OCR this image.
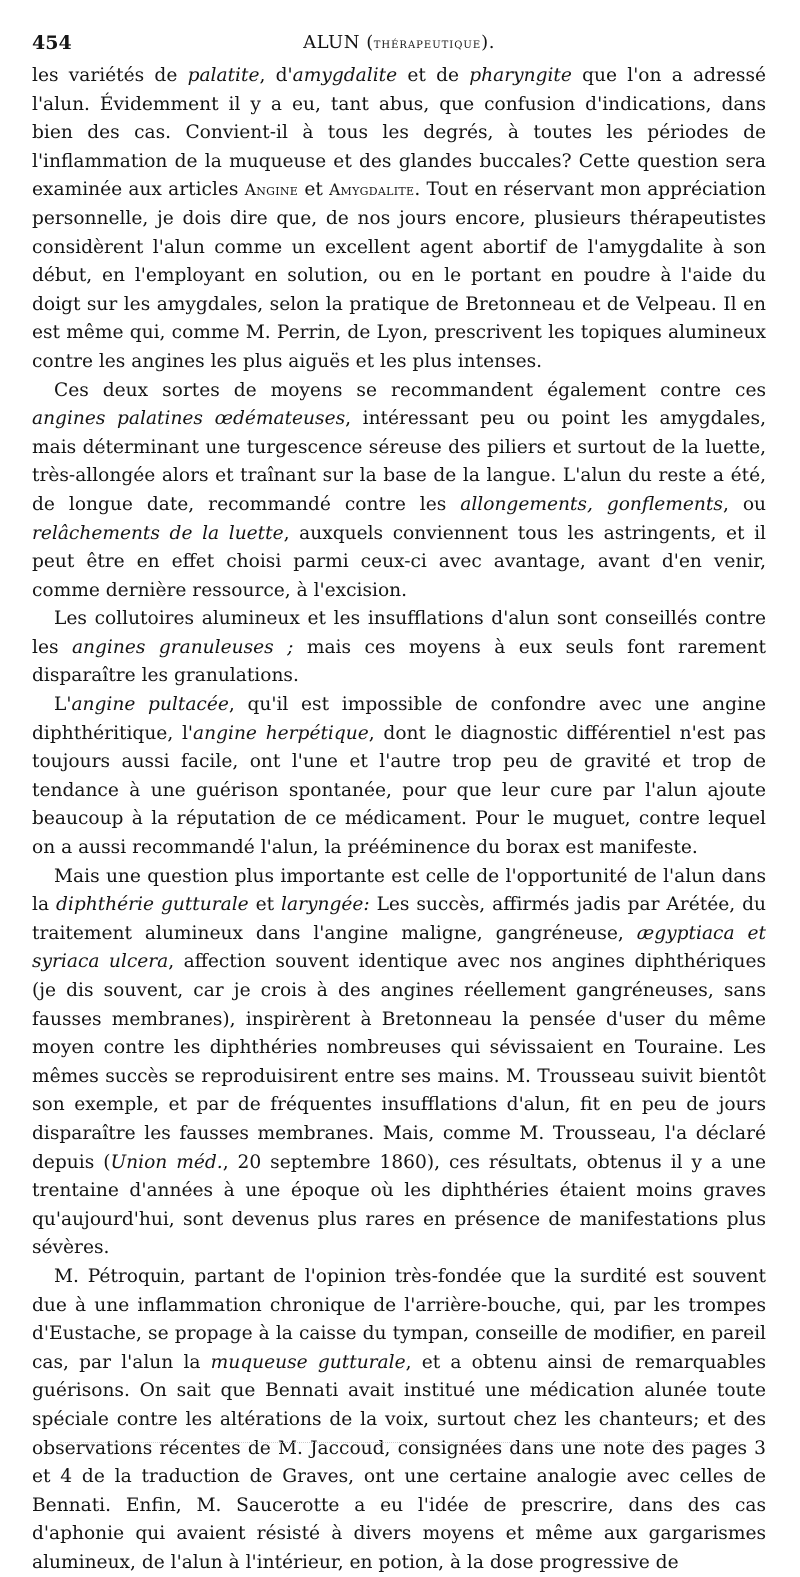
454	ALUN (thérapeutique).

les variétés de palatite, d'amygdalite et de pharyngite que l'on a adressé l'alun. Évidemment il y a eu, tant abus, que confusion d'indications, dans bien des cas. Convient-il à tous les degrés, à toutes les périodes de l'inflammation de la muqueuse et des glandes buccales? Cette question sera examinée aux articles Angine et Amygdalite. Tout en réservant mon appréciation personnelle, je dois dire que, de nos jours encore, plusieurs thérapeutistes considèrent l'alun comme un excellent agent abortif de l'amygdalite à son début, en l'employant en solution, ou en le portant en poudre à l'aide du doigt sur les amygdales, selon la pratique de Bretonneau et de Velpeau. Il en est même qui, comme M. Perrin, de Lyon, prescrivent les topiques alumineux contre les angines les plus aiguës et les plus intenses.

Ces deux sortes de moyens se recommandent également contre ces angines palatines œdémateuses, intéressant peu ou point les amygdales, mais déterminant une turgescence séreuse des piliers et surtout de la luette, très-allongée alors et traînant sur la base de la langue. L'alun du reste a été, de longue date, recommandé contre les allongements, gonflements, ou relâchements de la luette, auxquels conviennent tous les astringents, et il peut être en effet choisi parmi ceux-ci avec avantage, avant d'en venir, comme dernière ressource, à l'excision.

Les collutoires alumineux et les insufflations d'alun sont conseillés contre les angines granuleuses ; mais ces moyens à eux seuls font rarement disparaître les granulations.

L'angine pultacée, qu'il est impossible de confondre avec une angine diphthéritique, l'angine herpétique, dont le diagnostic différentiel n'est pas toujours aussi facile, ont l'une et l'autre trop peu de gravité et trop de tendance à une guérison spontanée, pour que leur cure par l'alun ajoute beaucoup à la réputation de ce médicament. Pour le muguet, contre lequel on a aussi recommandé l'alun, la prééminence du borax est manifeste.

Mais une question plus importante est celle de l'opportunité de l'alun dans la diphthérie gutturale et laryngée: Les succès, affirmés jadis par Arétée, du traitement alumineux dans l'angine maligne, gangréneuse, ægyptiaca et syriaca ulcera, affection souvent identique avec nos angines diphthériques (je dis souvent, car je crois à des angines réellement gangréneuses, sans fausses membranes), inspirèrent à Bretonneau la pensée d'user du même moyen contre les diphthéries nombreuses qui sévissaient en Touraine. Les mêmes succès se reproduisirent entre ses mains. M. Trousseau suivit bientôt son exemple, et par de fréquentes insufflations d'alun, fit en peu de jours disparaître les fausses membranes. Mais, comme M. Trousseau, l'a déclaré depuis (Union méd., 20 septembre 1860), ces résultats, obtenus il y a une trentaine d'années à une époque où les diphthéries étaient moins graves qu'aujourd'hui, sont devenus plus rares en présence de manifestations plus sévères.

M. Pétroquin, partant de l'opinion très-fondée que la surdité est souvent due à une inflammation chronique de l'arrière-bouche, qui, par les trompes d'Eustache, se propage à la caisse du tympan, conseille de modifier, en pareil cas, par l'alun la muqueuse gutturale, et a obtenu ainsi de remarquables guérisons. On sait que Bennati avait institué une médication alunée toute spéciale contre les altérations de la voix, surtout chez les chanteurs; et des observations récentes de M. Jaccoud, consignées dans une note des pages 3 et 4 de la traduction de Graves, ont une certaine analogie avec celles de Bennati. Enfin, M. Saucerotte a eu l'idée de prescrire, dans des cas d'aphonie qui avaient résisté à divers moyens et même aux gargarismes alumineux, de l'alun à l'intérieur, en potion, à la dose progressive de
